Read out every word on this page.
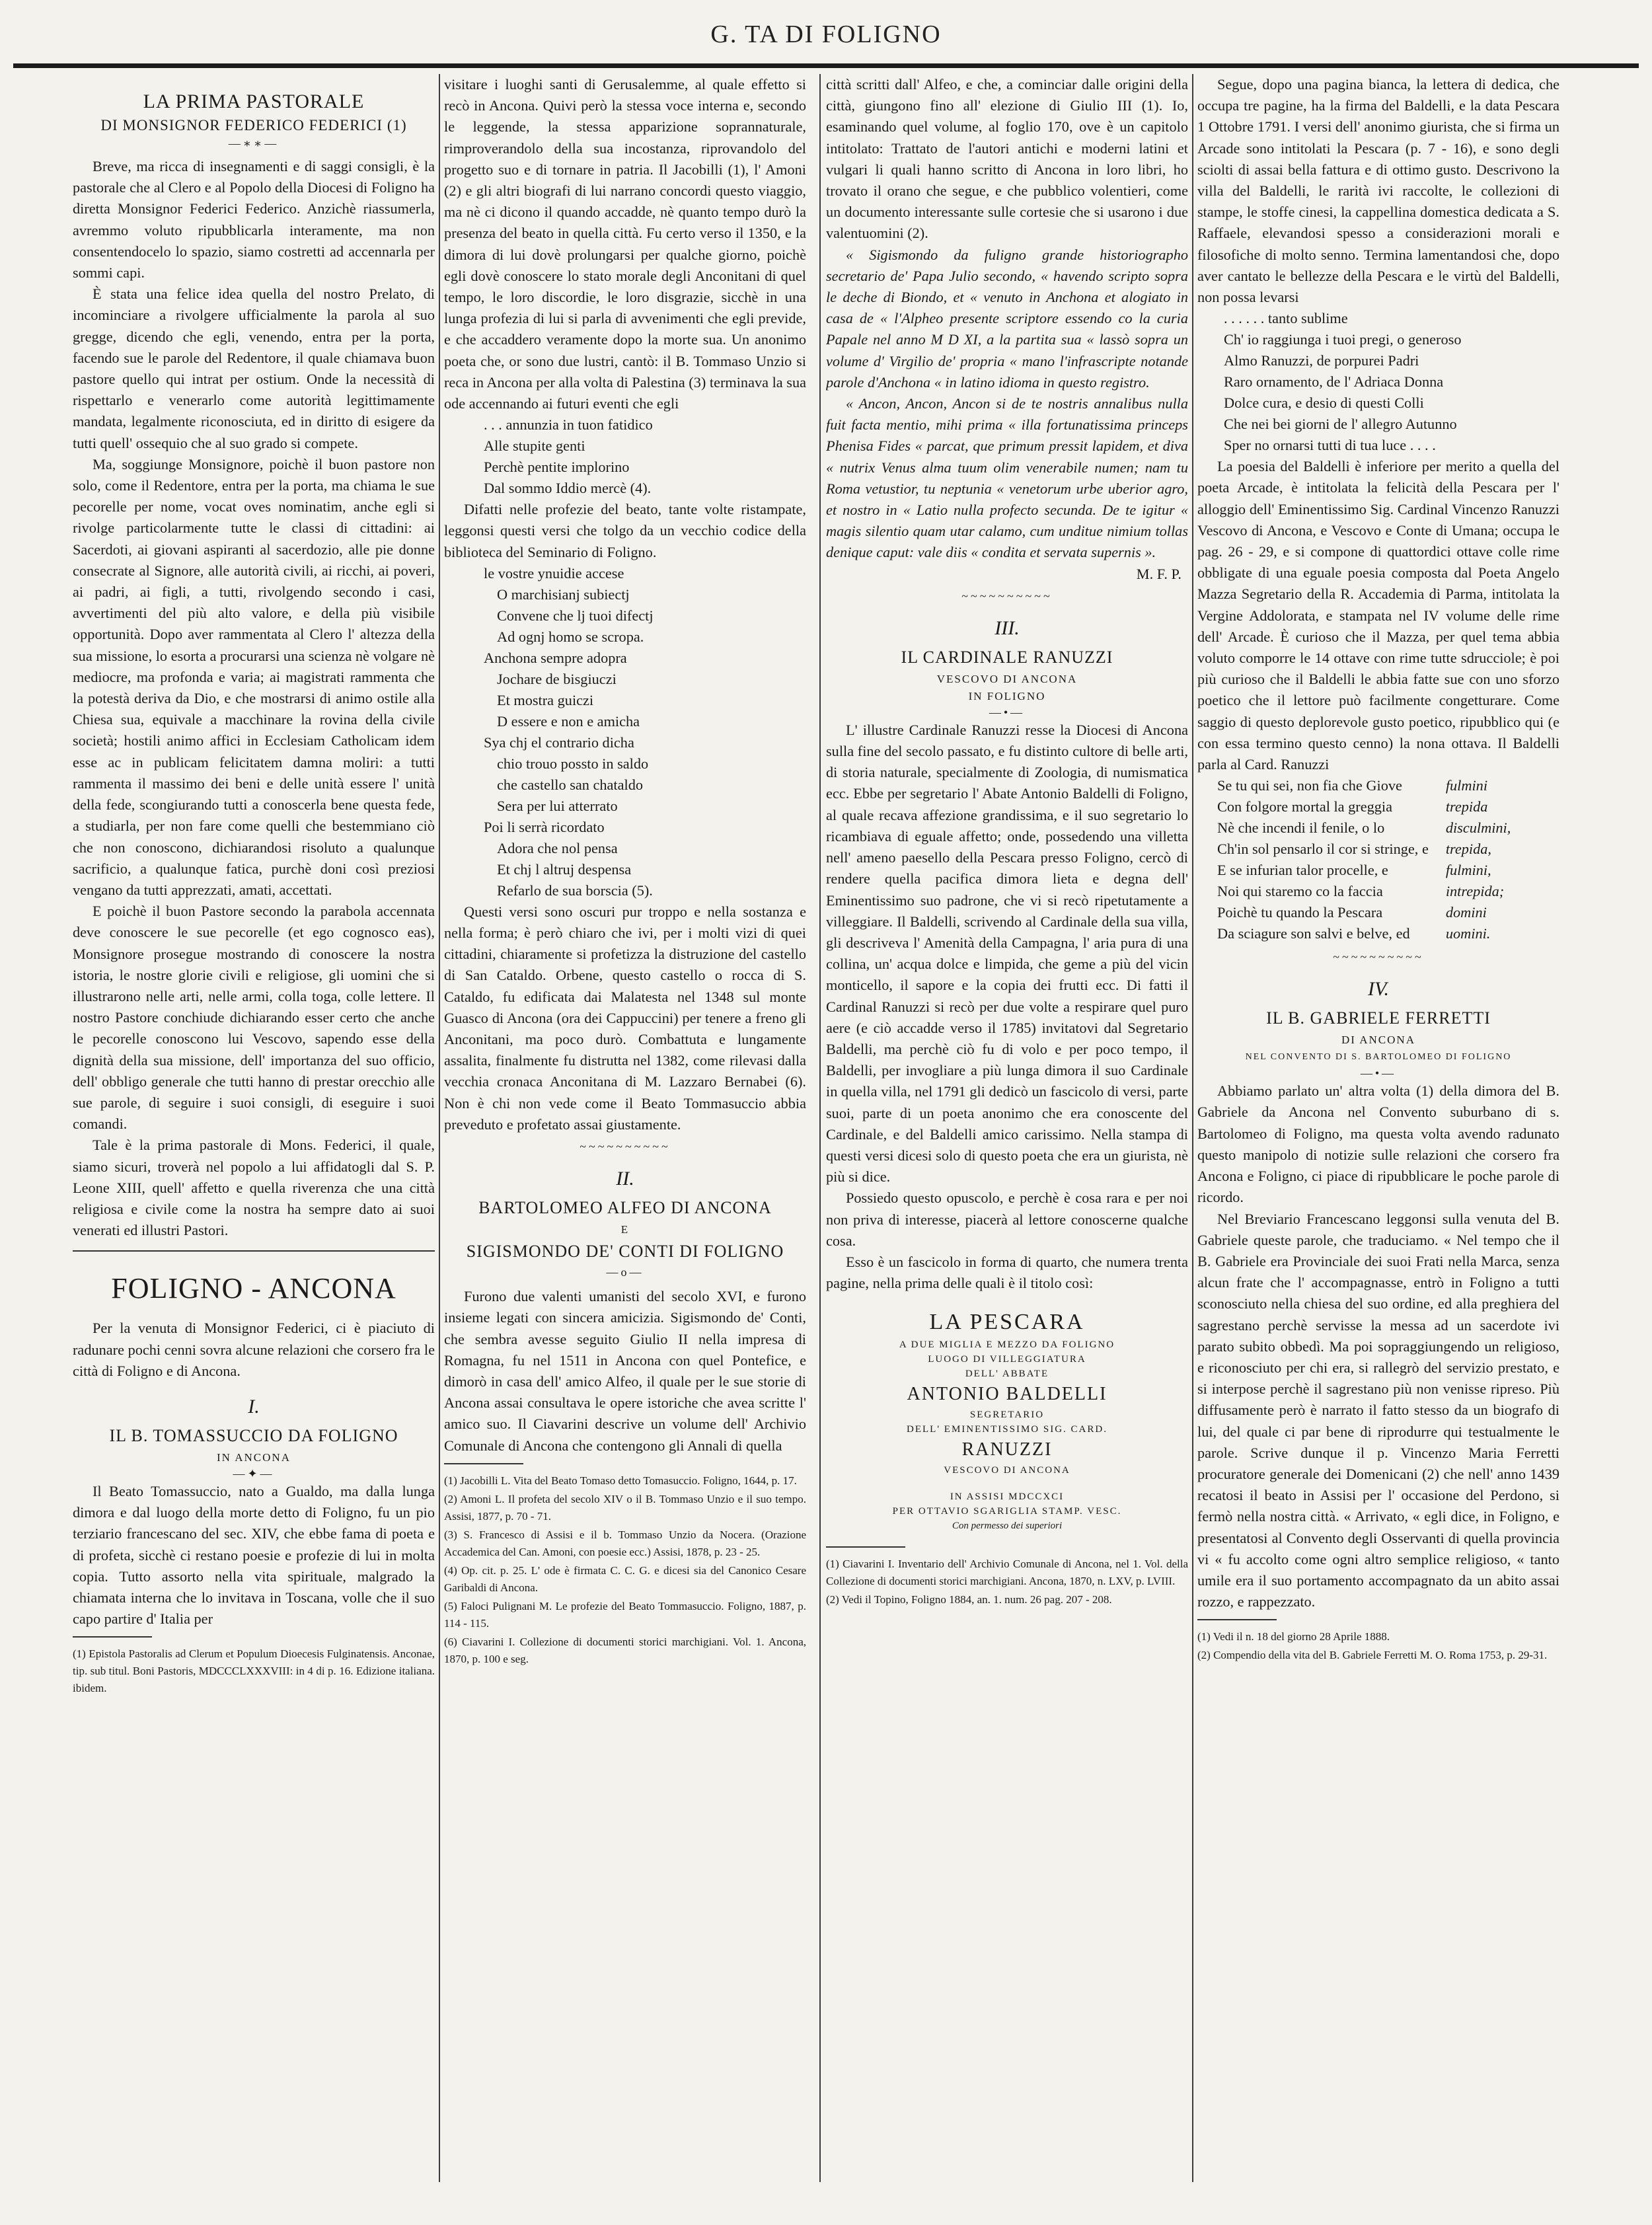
G. TA DI FOLIGNO
LA PRIMA PASTORALE
DI MONSIGNOR FEDERICO FEDERICI (1)
—∗∗—

Breve, ma ricca di insegnamenti e di saggi consigli, è la pastorale che al Clero e al Popolo della Diocesi di Foligno ha diretta Monsignor Federici Federico. Anzichè riassumerla, avremmo voluto ripubblicarla interamente, ma non consentendocelo lo spazio, siamo costretti ad accennarla per sommi capi.

È stata una felice idea quella del nostro Prelato, di incominciare a rivolgere ufficialmente la parola al suo gregge, dicendo che egli, venendo, entra per la porta, facendo sue le parole del Redentore, il quale chiamava buon pastore quello qui intrat per ostium. Onde la necessità di rispettarlo e venerarlo come autorità legittimamente mandata, legalmente riconosciuta, ed in diritto di esigere da tutti quell' ossequio che al suo grado si compete.

Ma, soggiunge Monsignore, poichè il buon pastore non solo, come il Redentore, entra per la porta, ma chiama le sue pecorelle per nome, vocat oves nominatim, anche egli si rivolge particolarmente tutte le classi di cittadini: ai Sacerdoti, ai giovani aspiranti al sacerdozio, alle pie donne consecrate al Signore, alle autorità civili, ai ricchi, ai poveri, ai padri, ai figli, a tutti, rivolgendo secondo i casi, avvertimenti del più alto valore, e della più visibile opportunità. Dopo aver rammentata al Clero l' altezza della sua missione, lo esorta a procurarsi una scienza nè volgare nè mediocre, ma profonda e varia; ai magistrati rammenta che la potestà deriva da Dio, e che mostrarsi di animo ostile alla Chiesa sua, equivale a macchinare la rovina della civile società; hostili animo affici in Ecclesiam Catholicam idem esse ac in publicam felicitatem damna moliri: a tutti rammenta il massimo dei beni e delle unità essere l' unità della fede, scongiurando tutti a conoscerla bene questa fede, a studiarla, per non fare come quelli che bestemmiano ciò che non conoscono, dichiarandosi risoluto a qualunque sacrificio, a qualunque fatica, purchè doni così preziosi vengano da tutti apprezzati, amati, accettati.

E poichè il buon Pastore secondo la parabola accennata deve conoscere le sue pecorelle (et ego cognosco eas), Monsignore prosegue mostrando di conoscere la nostra istoria, le nostre glorie civili e religiose, gli uomini che si illustrarono nelle arti, nelle armi, colla toga, colle lettere. Il nostro Pastore conchiude dichiarando esser certo che anche le pecorelle conoscono lui Vescovo, sapendo esse della dignità della sua missione, dell' importanza del suo officio, dell' obbligo generale che tutti hanno di prestar orecchio alle sue parole, di seguire i suoi consigli, di eseguire i suoi comandi.

Tale è la prima pastorale di Mons. Federici, il quale, siamo sicuri, troverà nel popolo a lui affidatogli dal S. P. Leone XIII, quell' affetto e quella riverenza che una città religiosa e civile come la nostra ha sempre dato ai suoi venerati ed illustri Pastori.

FOLIGNO - ANCONA

Per la venuta di Monsignor Federici, ci è piaciuto di radunare pochi cenni sovra alcune relazioni che corsero fra le città di Foligno e di Ancona.

I.
IL B. TOMASSUCCIO DA FOLIGNO
IN ANCONA
—✦—

Il Beato Tomassuccio, nato a Gualdo, ma dalla lunga dimora e dal luogo della morte detto di Foligno, fu un pio terziario francescano del sec. XIV, che ebbe fama di poeta e di profeta, sicchè ci restano poesie e profezie di lui in molta copia. Tutto assorto nella vita spirituale, malgrado la chiamata interna che lo invitava in Toscana, volle che il suo capo partire d' Italia per

(1) Epistola Pastoralis ad Clerum et Populum Dioecesis Fulginatensis. Anconae, tip. sub titul. Boni Pastoris, MDCCCLXXXVIII: in 4 di p. 16. Edizione italiana. ibidem.

visitare i luoghi santi di Gerusalemme, al quale effetto si recò in Ancona. Quivi però la stessa voce interna e, secondo le leggende, la stessa apparizione soprannaturale, rimproverandolo della sua incostanza, riprovandolo del progetto suo e di tornare in patria. Il Jacobilli (1), l' Amoni (2) e gli altri biografi di lui narrano concordi questo viaggio, ma nè ci dicono il quando accadde, nè quanto tempo durò la presenza del beato in quella città. Fu certo verso il 1350, e la dimora di lui dovè prolungarsi per qualche giorno, poichè egli dovè conoscere lo stato morale degli Anconitani di quel tempo, le loro discordie, le loro disgrazie, sicchè in una lunga profezia di lui si parla di avvenimenti che egli previde, e che accaddero veramente dopo la morte sua. Un anonimo poeta che, or sono due lustri, cantò: il B. Tommaso Unzio si reca in Ancona per alla volta di Palestina (3) terminava la sua ode accennando ai futuri eventi che egli

. . . annunzia in tuon fatidico
Alle stupite genti
Perchè pentite implorino
Dal sommo Iddio mercè (4).

Difatti nelle profezie del beato, tante volte ristampate, leggonsi questi versi che tolgo da un vecchio codice della biblioteca del Seminario di Foligno.

le vostre ynuidie accese
O marchisianj subiectj
Convene che lj tuoi difectj
Ad ognj homo se scropa.
Anchona sempre adopra
Jochare de bisgiuczi
Et mostra guiczi
D essere e non e amicha
Sya chj el contrario dicha
chio trouo possto in saldo
che castello san chataldo
Sera per lui atterrato
Poi li serrà ricordato
Adora che nol pensa
Et chj l altruj despensa
Refarlo de sua borscia (5).

Questi versi sono oscuri pur troppo e nella sostanza e nella forma; è però chiaro che ivi, per i molti vizi di quei cittadini, chiaramente si profetizza la distruzione del castello di San Cataldo. Orbene, questo castello o rocca di S. Cataldo, fu edificata dai Malatesta nel 1348 sul monte Guasco di Ancona (ora dei Cappuccini) per tenere a freno gli Anconitani, ma poco durò. Combattuta e lungamente assalita, finalmente fu distrutta nel 1382, come rilevasi dalla vecchia cronaca Anconitana di M. Lazzaro Bernabei (6). Non è chi non vede come il Beato Tommasuccio abbia preveduto e profetato assai giustamente.

~~~~~~~~~~
II.
BARTOLOMEO ALFEO DI ANCONA
E
SIGISMONDO DE' CONTI DI FOLIGNO
—o—

Furono due valenti umanisti del secolo XVI, e furono insieme legati con sincera amicizia. Sigismondo de' Conti, che sembra avesse seguito Giulio II nella impresa di Romagna, fu nel 1511 in Ancona con quel Pontefice, e dimorò in casa dell' amico Alfeo, il quale per le sue storie di Ancona assai consultava le opere istoriche che avea scritte l' amico suo. Il Ciavarini descrive un volume dell' Archivio Comunale di Ancona che contengono gli Annali di quella

(1) Jacobilli L. Vita del Beato Tomaso detto Tomasuccio. Foligno, 1644, p. 17.
(2) Amoni L. Il profeta del secolo XIV o il B. Tommaso Unzio e il suo tempo. Assisi, 1877, p. 70 - 71.
(3) S. Francesco di Assisi e il b. Tommaso Unzio da Nocera. (Orazione Accademica del Can. Amoni, con poesie ecc.) Assisi, 1878, p. 23 - 25.
(4) Op. cit. p. 25. L' ode è firmata C. C. G. e dicesi sia del Canonico Cesare Garibaldi di Ancona.
(5) Faloci Pulignani M. Le profezie del Beato Tommasuccio. Foligno, 1887, p. 114 - 115.
(6) Ciavarini I. Collezione di documenti storici marchigiani. Vol. 1. Ancona, 1870, p. 100 e seg.

città scritti dall' Alfeo, e che, a cominciar dalle origini della città, giungono fino all' elezione di Giulio III (1). Io, esaminando quel volume, al foglio 170, ove è un capitolo intitolato: Trattato de l'autori antichi e moderni latini et vulgari li quali hanno scritto di Ancona in loro libri, ho trovato il orano che segue, e che pubblico volentieri, come un documento interessante sulle cortesie che si usarono i due valentuomini (2).

« Sigismondo da fuligno grande historiographo secretario de' Papa Julio secondo, « havendo scripto sopra le deche di Biondo, et « venuto in Anchona et alogiato in casa de « l'Alpheo presente scriptore essendo co la curia Papale nel anno M D XI, a la partita sua « lassò sopra un volume d' Virgilio de' propria « mano l'infrascripte notande parole d'Anchona « in latino idioma in questo registro.

« Ancon, Ancon, Ancon si de te nostris annalibus nulla fuit facta mentio, mihi prima « illa fortunatissima princeps Phenisa Fides « parcat, que primum pressit lapidem, et diva « nutrix Venus alma tuum olim venerabile numen; nam tu Roma vetustior, tu neptunia « venetorum urbe uberior agro, et nostro in « Latio nulla profecto secunda. De te igitur « magis silentio quam utar calamo, cum unditue nimium tollas denique caput: vale diis « condita et servata supernis ».

M. F. P.
~~~~~~~~~~
III.
IL CARDINALE RANUZZI
VESCOVO DI ANCONA
IN FOLIGNO
—•—

L' illustre Cardinale Ranuzzi resse la Diocesi di Ancona sulla fine del secolo passato, e fu distinto cultore di belle arti, di storia naturale, specialmente di Zoologia, di numismatica ecc. Ebbe per segretario l' Abate Antonio Baldelli di Foligno, al quale recava affezione grandissima, e il suo segretario lo ricambiava di eguale affetto; onde, possedendo una villetta nell' ameno paesello della Pescara presso Foligno, cercò di rendere quella pacifica dimora lieta e degna dell' Eminentissimo suo padrone, che vi si recò ripetutamente a villeggiare. Il Baldelli, scrivendo al Cardinale della sua villa, gli descriveva l' Amenità della Campagna, l' aria pura di una collina, un' acqua dolce e limpida, che geme a più del vicin monticello, il sapore e la copia dei frutti ecc. Di fatti il Cardinal Ranuzzi si recò per due volte a respirare quel puro aere (e ciò accadde verso il 1785) invitatovi dal Segretario Baldelli, ma perchè ciò fu di volo e per poco tempo, il Baldelli, per invogliare a più lunga dimora il suo Cardinale in quella villa, nel 1791 gli dedicò un fascicolo di versi, parte suoi, parte di un poeta anonimo che era conoscente del Cardinale, e del Baldelli amico carissimo. Nella stampa di questi versi dicesi solo di questo poeta che era un giurista, nè più si dice.

Possiedo questo opuscolo, e perchè è cosa rara e per noi non priva di interesse, piacerà al lettore conoscerne qualche cosa.

Esso è un fascicolo in forma di quarto, che numera trenta pagine, nella prima delle quali è il titolo così:

LA PESCARA
A DUE MIGLIA E MEZZO DA FOLIGNO
LUOGO DI VILLEGGIATURA
DELL' ABBATE
ANTONIO BALDELLI
SEGRETARIO
DELL' EMINENTISSIMO SIG. CARD.
RANUZZI
VESCOVO DI ANCONA
IN ASSISI MDCCXCI
PER OTTAVIO SGARIGLIA STAMP. VESC.
Con permesso dei superiori
(1) Ciavarini I. Inventario dell' Archivio Comunale di Ancona, nel 1. Vol. della Collezione di documenti storici marchigiani. Ancona, 1870, n. LXV, p. LVIII.
(2) Vedi il Topino, Foligno 1884, an. 1. num. 26 pag. 207 - 208.

Segue, dopo una pagina bianca, la lettera di dedica, che occupa tre pagine, ha la firma del Baldelli, e la data Pescara 1 Ottobre 1791. I versi dell' anonimo giurista, che si firma un Arcade sono intitolati la Pescara (p. 7 - 16), e sono degli sciolti di assai bella fattura e di ottimo gusto. Descrivono la villa del Baldelli, le rarità ivi raccolte, le collezioni di stampe, le stoffe cinesi, la cappellina domestica dedicata a S. Raffaele, elevandosi spesso a considerazioni morali e filosofiche di molto senno. Termina lamentandosi che, dopo aver cantato le bellezze della Pescara e le virtù del Baldelli, non possa levarsi

. . . . . . tanto sublime
Ch' io raggiunga i tuoi pregi, o generoso
Almo Ranuzzi, de porpurei Padri
Raro ornamento, de l' Adriaca Donna
Dolce cura, e desio di questi Colli
Che nei bei giorni de l' allegro Autunno
Sper no ornarsi tutti di tua luce . . . .

La poesia del Baldelli è inferiore per merito a quella del poeta Arcade, è intitolata la felicità della Pescara per l' alloggio dell' Eminentissimo Sig. Cardinal Vincenzo Ranuzzi Vescovo di Ancona, e Vescovo e Conte di Umana; occupa le pag. 26 - 29, e si compone di quattordici ottave colle rime obbligate di una eguale poesia composta dal Poeta Angelo Mazza Segretario della R. Accademia di Parma, intitolata la Vergine Addolorata, e stampata nel IV volume delle rime dell' Arcade. È curioso che il Mazza, per quel tema abbia voluto comporre le 14 ottave con rime tutte sdrucciole; è poi più curioso che il Baldelli le abbia fatte sue con uno sforzo poetico che il lettore può facilmente congetturare. Come saggio di questo deplorevole gusto poetico, ripubblico qui (e con essa termino questo cenno) la nona ottava. Il Baldelli parla al Card. Ranuzzi

Se tu qui sei, non fia che Giove	fulmini
Con folgore mortal la greggia	trepida
Nè che incendi il fenile, o lo	disculmini,
Ch'in sol pensarlo il cor si stringe, e	trepida,
E se infurian talor procelle, e	fulmini,
Noi qui staremo co la faccia	intrepida;
Poichè tu quando la Pescara	domini
Da sciagure son salvi e belve, ed	uomini.
~~~~~~~~~~
IV.
IL B. GABRIELE FERRETTI
DI ANCONA
NEL CONVENTO DI S. BARTOLOMEO DI FOLIGNO
—•—

Abbiamo parlato un' altra volta (1) della dimora del B. Gabriele da Ancona nel Convento suburbano di s. Bartolomeo di Foligno, ma questa volta avendo radunato questo manipolo di notizie sulle relazioni che corsero fra Ancona e Foligno, ci piace di ripubblicare le poche parole di ricordo.

Nel Breviario Francescano leggonsi sulla venuta del B. Gabriele queste parole, che traduciamo. « Nel tempo che il B. Gabriele era Provinciale dei suoi Frati nella Marca, senza alcun frate che l' accompagnasse, entrò in Foligno a tutti sconosciuto nella chiesa del suo ordine, ed alla preghiera del sagrestano perchè servisse la messa ad un sacerdote ivi parato subito obbedì. Ma poi sopraggiungendo un religioso, e riconosciuto per chi era, si rallegrò del servizio prestato, e si interpose perchè il sagrestano più non venisse ripreso. Più diffusamente però è narrato il fatto stesso da un biografo di lui, del quale ci par bene di riprodurre qui testualmente le parole. Scrive dunque il p. Vincenzo Maria Ferretti procuratore generale dei Domenicani (2) che nell' anno 1439 recatosi il beato in Assisi per l' occasione del Perdono, si fermò nella nostra città. « Arrivato, « egli dice, in Foligno, e presentatosi al Convento degli Osservanti di quella provincia vi « fu accolto come ogni altro semplice religioso, « tanto umile era il suo portamento accompagnato da un abito assai rozzo, e rappezzato.

(1) Vedi il n. 18 del giorno 28 Aprile 1888.
(2) Compendio della vita del B. Gabriele Ferretti M. O. Roma 1753, p. 29-31.
